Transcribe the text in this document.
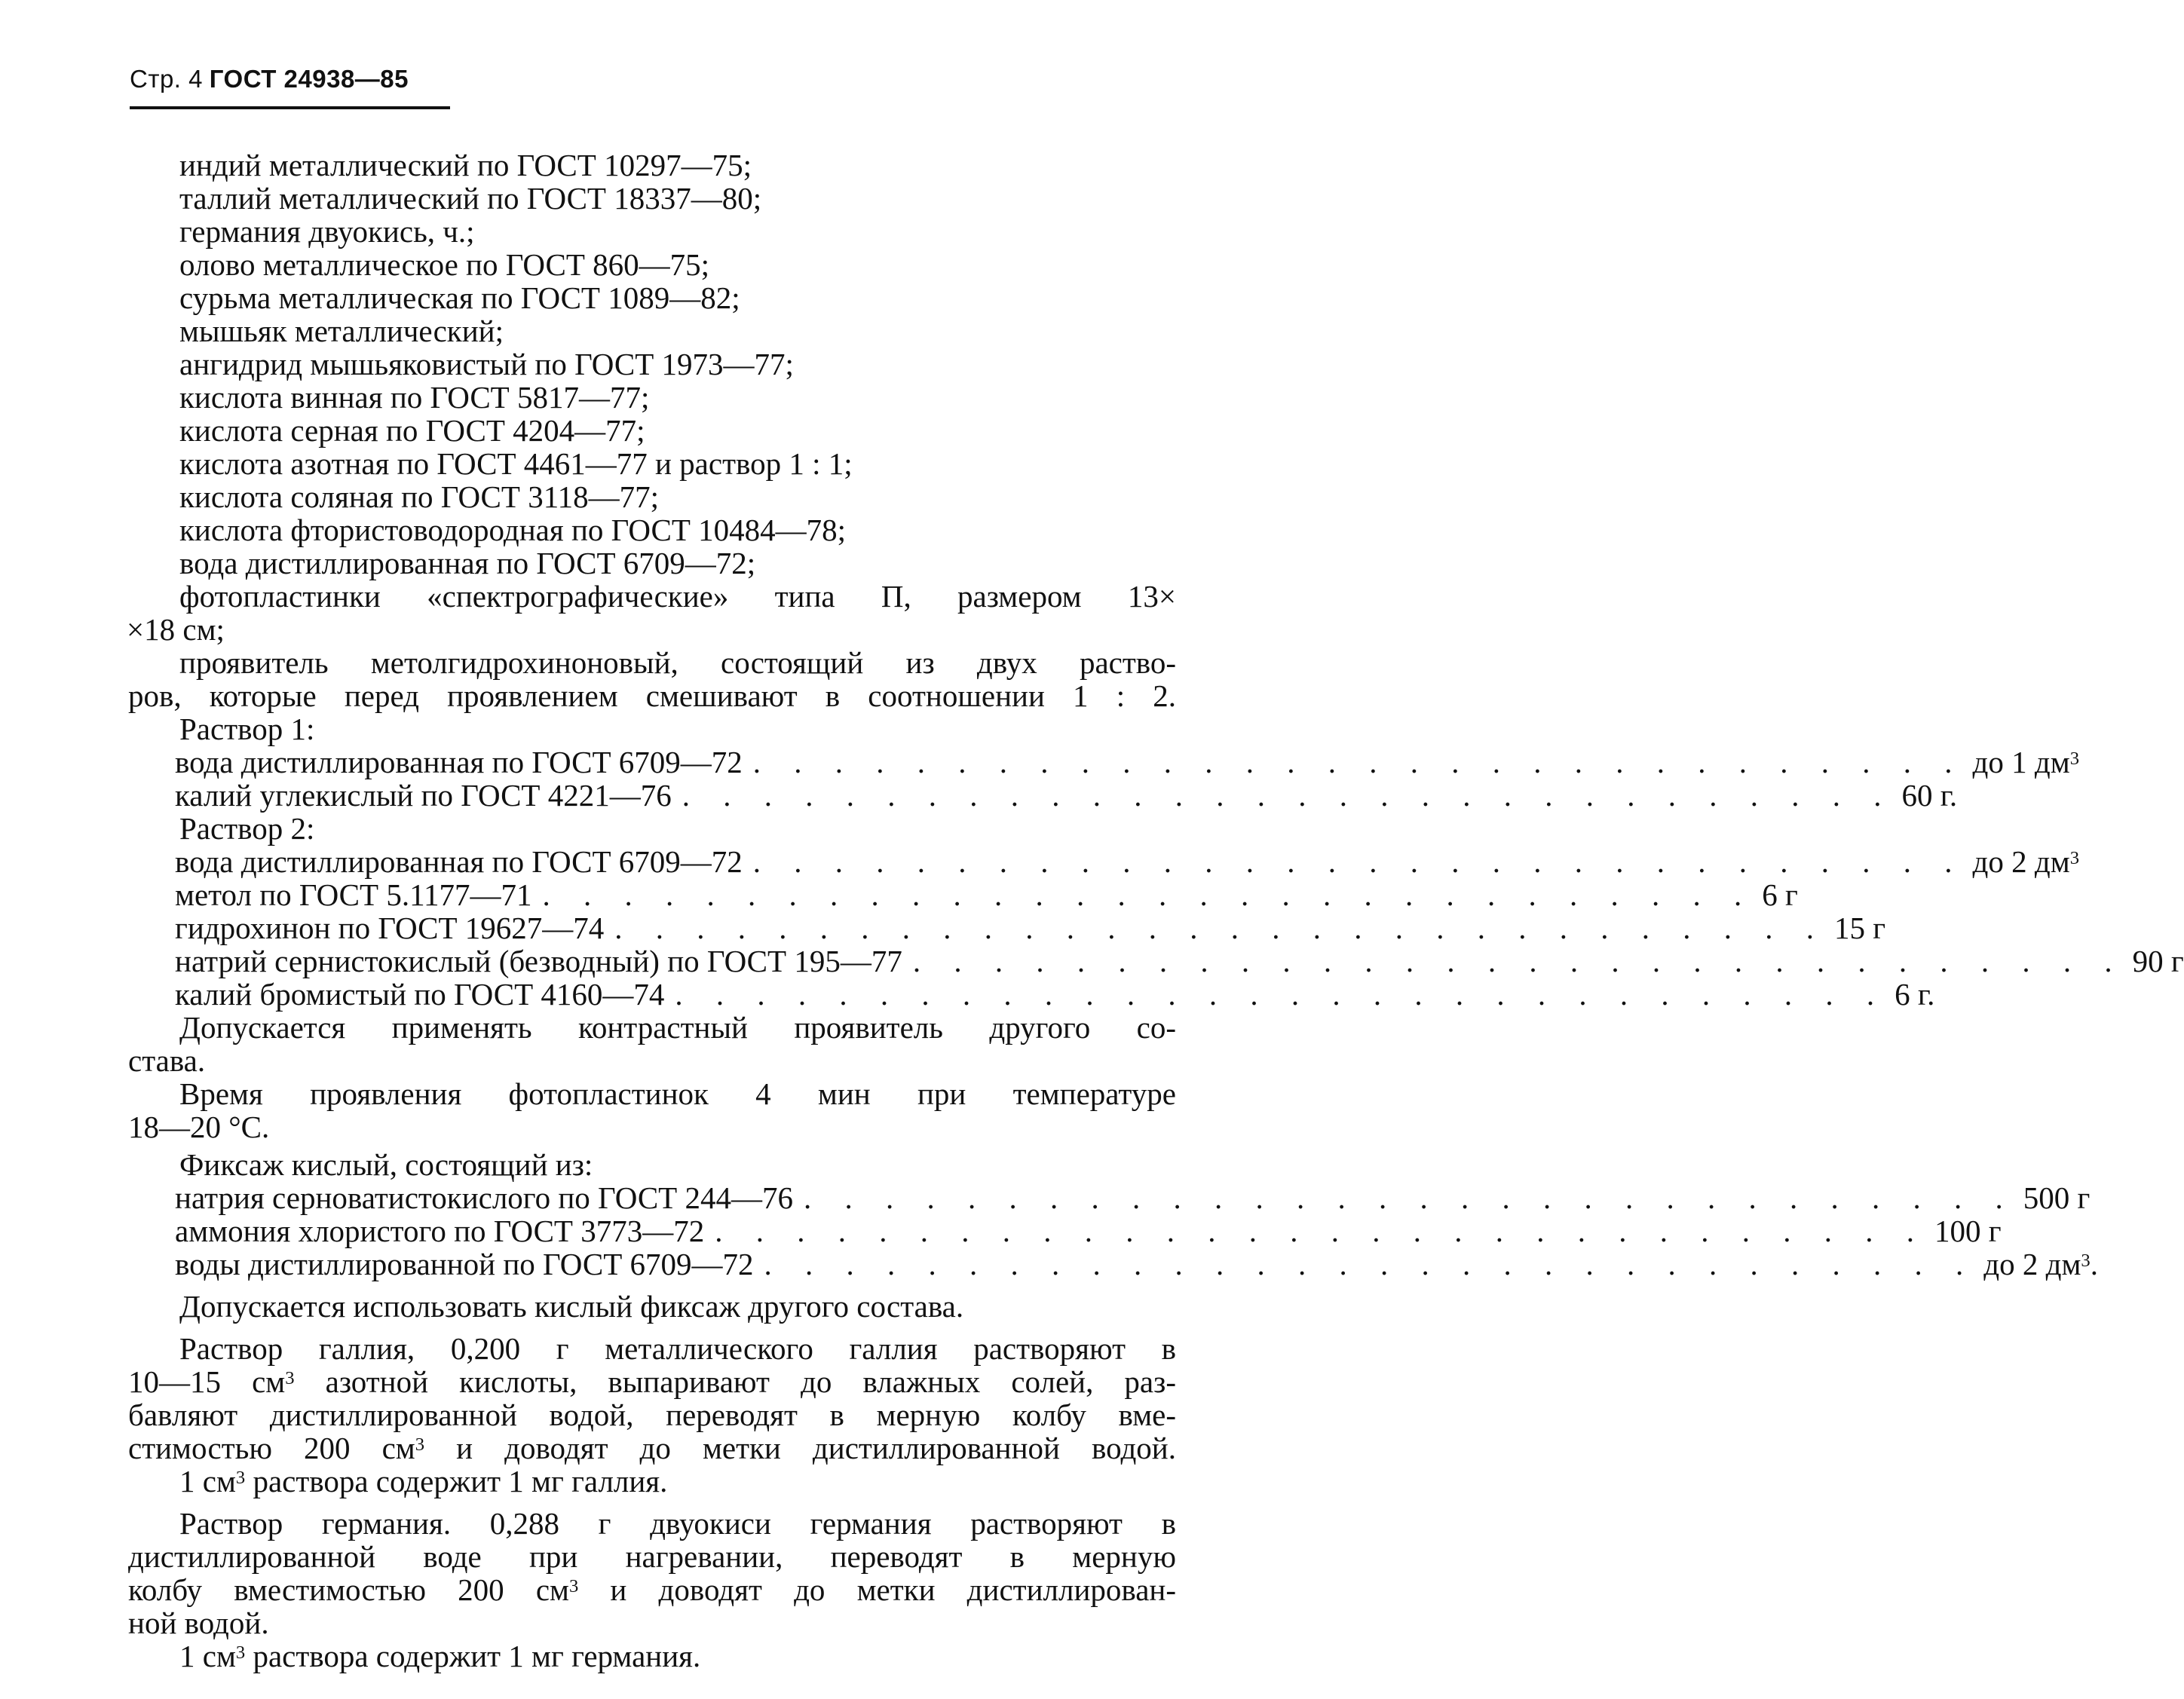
Стр. 4 ГОСТ 24938—85
индий металлический по ГОСТ 10297—75;
таллий металлический по ГОСТ 18337—80;
германия двуокись, ч.;
олово металлическое по ГОСТ 860—75;
сурьма металлическая по ГОСТ 1089—82;
мышьяк металлический;
ангидрид мышьяковистый по ГОСТ 1973—77;
кислота винная по ГОСТ 5817—77;
кислота серная по ГОСТ 4204—77;
кислота азотная по ГОСТ 4461—77 и раствор 1 : 1;
кислота соляная по ГОСТ 3118—77;
кислота фтористоводородная по ГОСТ 10484—78;
вода дистиллированная по ГОСТ 6709—72;
фотопластинки «спектрографические» типа П, размером 13×
×18 см;
проявитель метолгидрохиноновый, состоящий из двух раство-
ров, которые перед проявлением смешивают в соотношении 1 : 2.
Раствор 1:
вода дистиллированная по ГОСТ 6709—72 . . . . . . . . . . . . . . . . . . . . . . . . . . . . . . до 1 $дм^3$
калий углекислый по ГОСТ 4221—76 . . . . . . . . . . . . . . . . . . . . . . . . . . . . . . 60 г.
Раствор 2:
вода дистиллированная по ГОСТ 6709—72 . . . . . . . . . . . . . . . . . . . . . . . . . . . . . . до 2 $дм^3$
метол по ГОСТ 5.1177—71 . . . . . . . . . . . . . . . . . . . . . . . . . . . . . . 6 г
гидрохинон по ГОСТ 19627—74 . . . . . . . . . . . . . . . . . . . . . . . . . . . . . . 15 г
натрий сернистокислый (безводный) по ГОСТ 195—77 . . . . . . . . . . . . . . . . . . . . . . . . . . . . . . 90 г
калий бромистый по ГОСТ 4160—74 . . . . . . . . . . . . . . . . . . . . . . . . . . . . . . 6 г.
Допускается применять контрастный проявитель другого со-
става.
Время проявления фотопластинок 4 мин при температуре
18—20 °C.
Фиксаж кислый, состоящий из:
натрия серноватистокислого по ГОСТ 244—76 . . . . . . . . . . . . . . . . . . . . . . . . . . . . . . 500 г
аммония хлористого по ГОСТ 3773—72 . . . . . . . . . . . . . . . . . . . . . . . . . . . . . . 100 г
воды дистиллированной по ГОСТ 6709—72 . . . . . . . . . . . . . . . . . . . . . . . . . . . . . . до 2 $дм^3$.
Допускается использовать кислый фиксаж другого состава.
Раствор галлия, 0,200 г металлического галлия растворяют в
10—15 $см^3$ азотной кислоты, выпаривают до влажных солей, раз-
бавляют дистиллированной водой, переводят в мерную колбу вме-
стимостью 200 $см^3$ и доводят до метки дистиллированной водой.
1 $см^3$ раствора содержит 1 мг галлия.
Раствор германия. 0,288 г двуокиси германия растворяют в
дистиллированной воде при нагревании, переводят в мерную
колбу вместимостью 200 $см^3$ и доводят до метки дистиллирован-
ной водой.
1 $см^3$ раствора содержит 1 мг германия.
